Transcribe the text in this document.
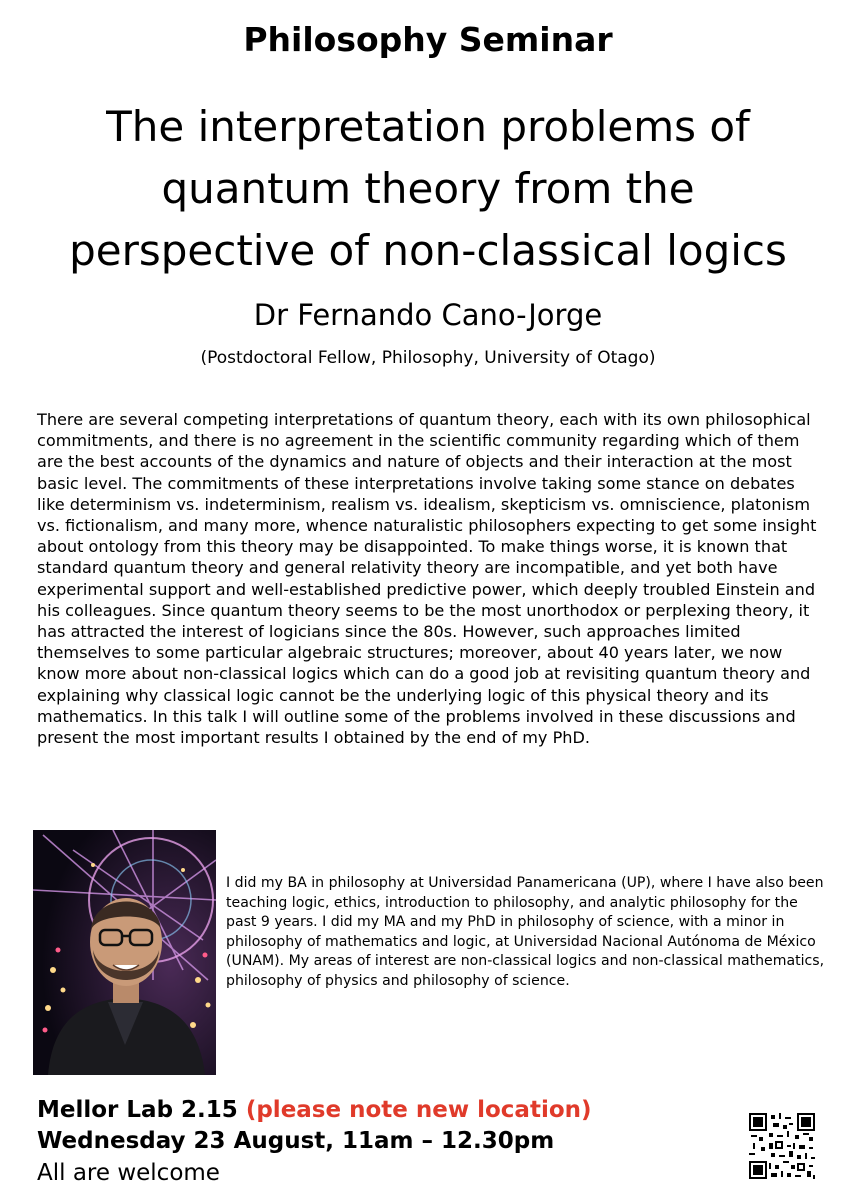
Philosophy Seminar
The interpretation problems of quantum theory from the perspective of non-classical logics
Dr Fernando Cano-Jorge
(Postdoctoral Fellow, Philosophy, University of Otago)
There are several competing interpretations of quantum theory, each with its own philosophical commitments, and there is no agreement in the scientific community regarding which of them are the best accounts of the dynamics and nature of objects and their interaction at the most basic level. The commitments of these interpretations involve taking some stance on debates like determinism vs. indeterminism, realism vs. idealism, skepticism vs. omniscience, platonism vs. fictionalism, and many more, whence naturalistic philosophers expecting to get some insight about ontology from this theory may be disappointed. To make things worse, it is known that standard quantum theory and general relativity theory are incompatible, and yet both have experimental support and well-established predictive power, which deeply troubled Einstein and his colleagues. Since quantum theory seems to be the most unorthodox or perplexing theory, it has attracted the interest of logicians since the 80s. However, such approaches limited themselves to some particular algebraic structures; moreover, about 40 years later, we now know more about non-classical logics which can do a good job at revisiting quantum theory and explaining why classical logic cannot be the underlying logic of this physical theory and its mathematics. In this talk I will outline some of the problems involved in these discussions and present the most important results I obtained by the end of my PhD.
I did my BA in philosophy at Universidad Panamericana (UP), where I have also been teaching logic, ethics, introduction to philosophy, and analytic philosophy for the past 9 years. I did my MA and my PhD in philosophy of science, with a minor in philosophy of mathematics and logic, at Universidad Nacional Autónoma de México (UNAM). My areas of interest are non-classical logics and non-classical mathematics, philosophy of physics and philosophy of science.
Mellor Lab 2.15 (please note new location)
Wednesday 23 August, 11am – 12.30pm
All are welcome
